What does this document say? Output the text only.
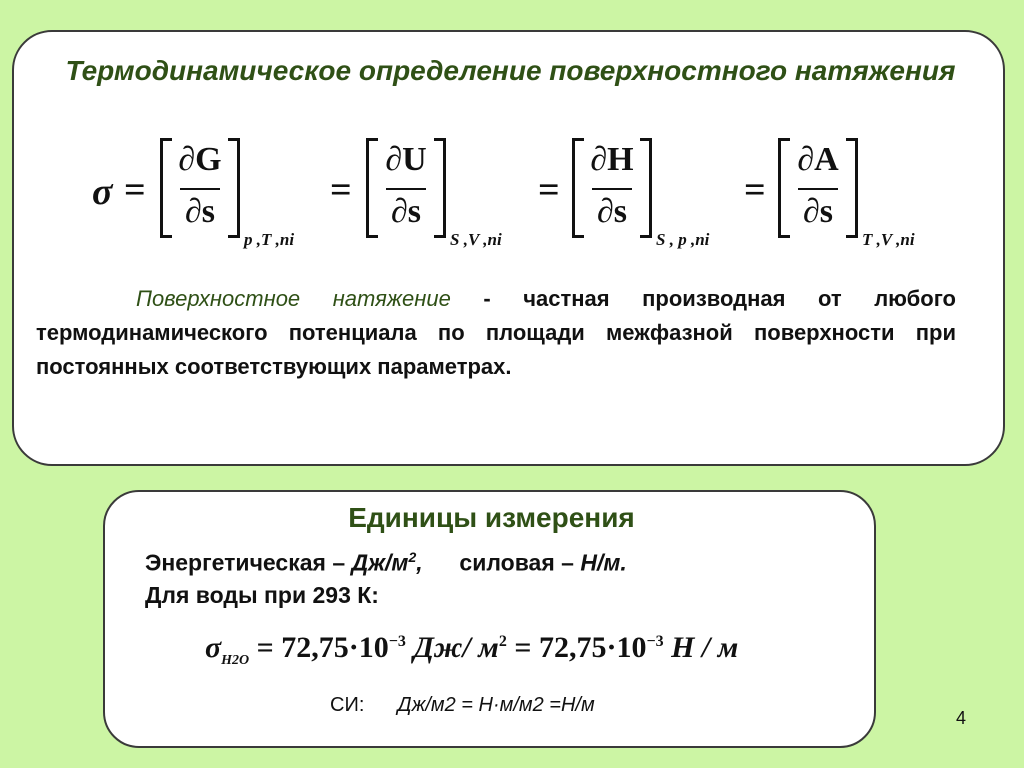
Термодинамическое определение поверхностного натяжения
σ =
∂G
∂s
p ,T ,ni
=
∂U
∂s
S ,V ,ni
=
∂H
∂s
S , p ,ni
=
∂A
∂s
T ,V ,ni
Поверхностное натяжение - частная производная от любого термодинамического потенциала по площади межфазной поверхности при постоянных соответствующих параметрах.
Единицы измерения
Энергетическая – $Дж/м^2$, силовая – Н/м.
Для воды при 293 К:
$\sigma_{H2O} = 72,75\cdot 10^{-3}$ Дж/ $м^2 = 72,75\cdot 10^{-3}$ Н / м
СИ: Дж/м2 = Н·м/м2 =Н/м
4
